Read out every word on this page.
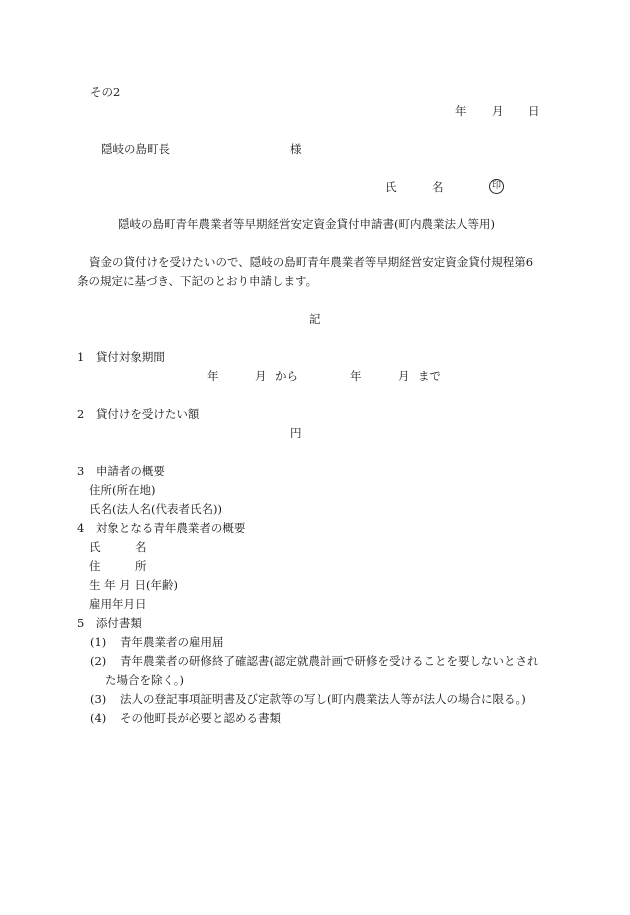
その2
年 月 日
隠岐の島町長	様
氏	名	印
隠岐の島町青年農業者等早期経営安定資金貸付申請書(町内農業法人等用)
資金の貸付けを受けたいので、隠岐の島町青年農業者等早期経営安定資金貸付規程第6
条の規定に基づき、下記のとおり申請します。
記
1　貸付対象期間
年	月 から	年	月 まで
2　貸付けを受けたい額
円
3　申請者の概要
住所(所在地)
氏名(法人名(代表者氏名))
4　対象となる青年農業者の概要
氏	名
住	所
生 年 月 日(年齢)
雇用年月日
5　添付書類
(1) 青年農業者の雇用届
(2) 青年農業者の研修終了確認書(認定就農計画で研修を受けることを要しないとされ
た場合を除く。)
(3) 法人の登記事項証明書及び定款等の写し(町内農業法人等が法人の場合に限る。)
(4) その他町長が必要と認める書類
